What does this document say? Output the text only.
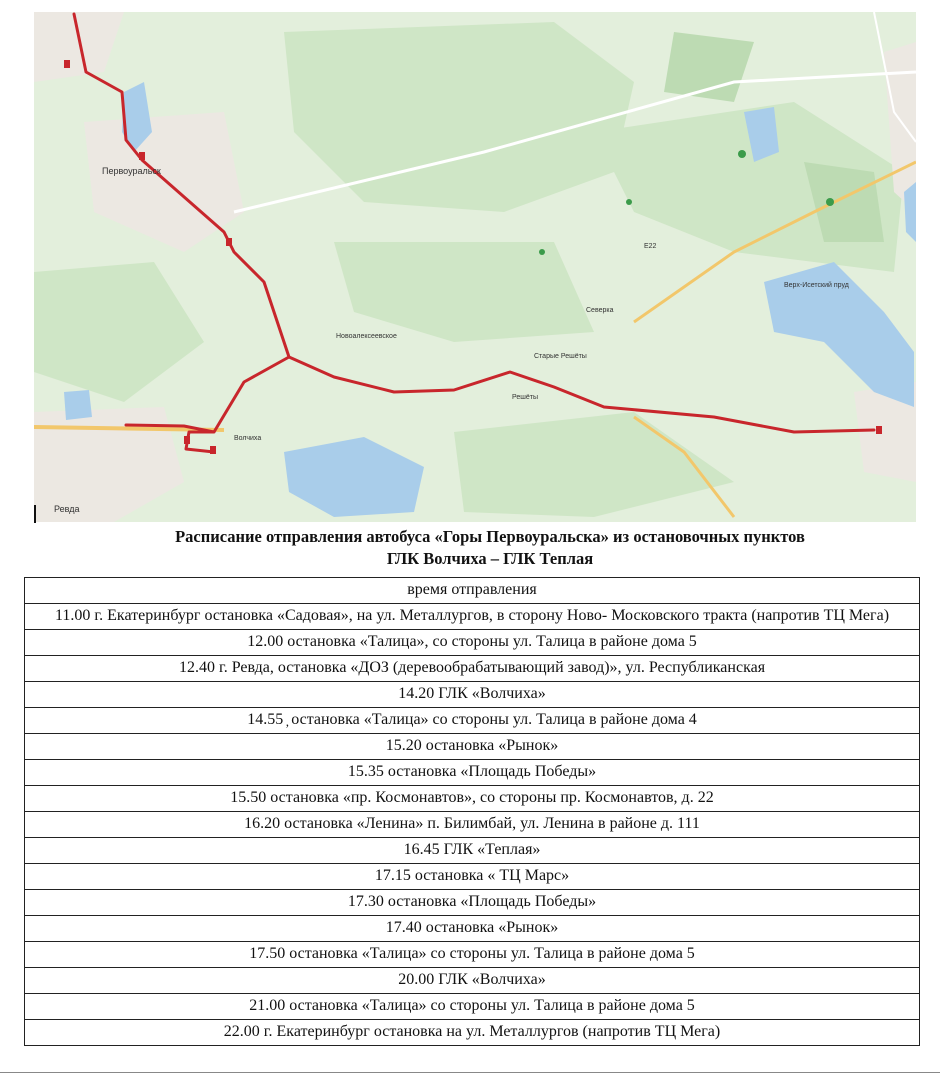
Первоуральск
Ревда
Волчиха
Старые Решёты
Решёты
Северка
Новоалексеевское
Е22
Верх-Исетский пруд
Расписание отправления автобуса «Горы Первоуральска» из остановочных пунктов
ГЛК Волчиха – ГЛК Теплая
время отправления
11.00 г. Екатеринбург остановка «Садовая», на ул. Металлургов, в сторону Ново- Московского тракта (напротив ТЦ Мега)
12.00 остановка «Талица», со стороны ул. Талица в районе дома 5
12.40 г. Ревда, остановка «ДОЗ (деревообрабатывающий завод)», ул. Республиканская
14.20 ГЛК «Волчиха»
14.55 ̦ остановка «Талица» со стороны ул. Талица в районе дома 4
15.20 остановка «Рынок»
15.35 остановка «Площадь Победы»
15.50 остановка «пр. Космонавтов», со стороны пр. Космонавтов, д. 22
16.20 остановка «Ленина» п. Билимбай, ул. Ленина в районе д. 111
16.45 ГЛК «Теплая»
17.15 остановка « ТЦ Марс»
17.30 остановка «Площадь Победы»
17.40 остановка «Рынок»
17.50 остановка «Талица» со стороны ул. Талица в районе дома 5
20.00 ГЛК «Волчиха»
21.00 остановка «Талица» со стороны ул. Талица в районе дома 5
22.00 г. Екатеринбург остановка на ул. Металлургов (напротив ТЦ Мега)
